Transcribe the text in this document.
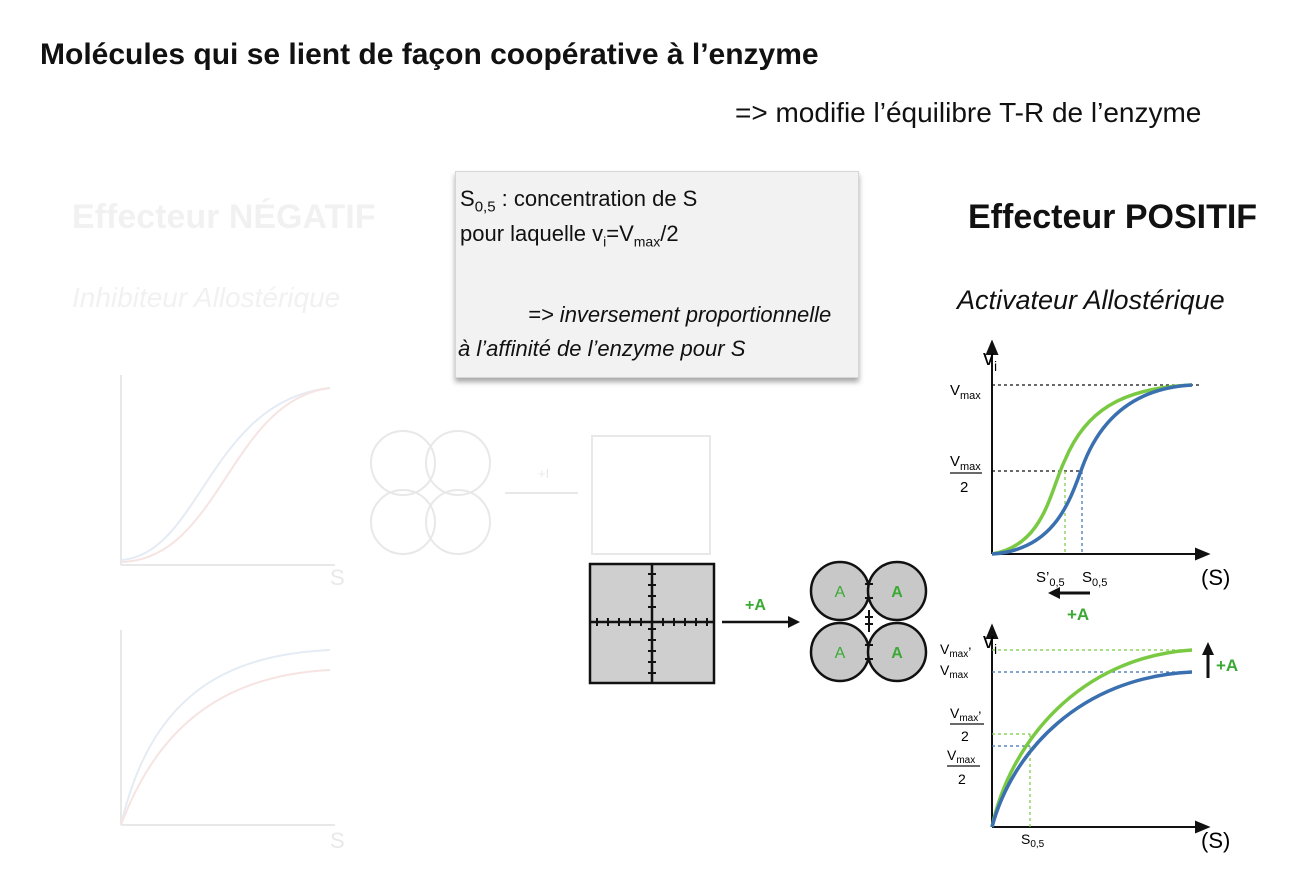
Molécules qui se lient de façon coopérative à l’enzyme
=> modifie l’équilibre T-R de l’enzyme
$S_{0,5}$ : concentration de S
pour laquelle $v_i=V_{max}/2$
=> inversement proportionnelle
à l’affinité de l’enzyme pour S
Effecteur NÉGATIF
Inhibiteur Allostérique
+I
S
S
+A
A	A
A	A
Effecteur POSITIF
Activateur Allostérique
$v_i$
$V_{max}$
$V_{max}$
2
$S’_{0,5}$ $S_{0,5}$	(S)
+A
$v_i$
$V_{max}$’
$V_{max}$
$V_{max}$’
2
$V_{max}$
2
$S_{0,5}$	(S)
+A
